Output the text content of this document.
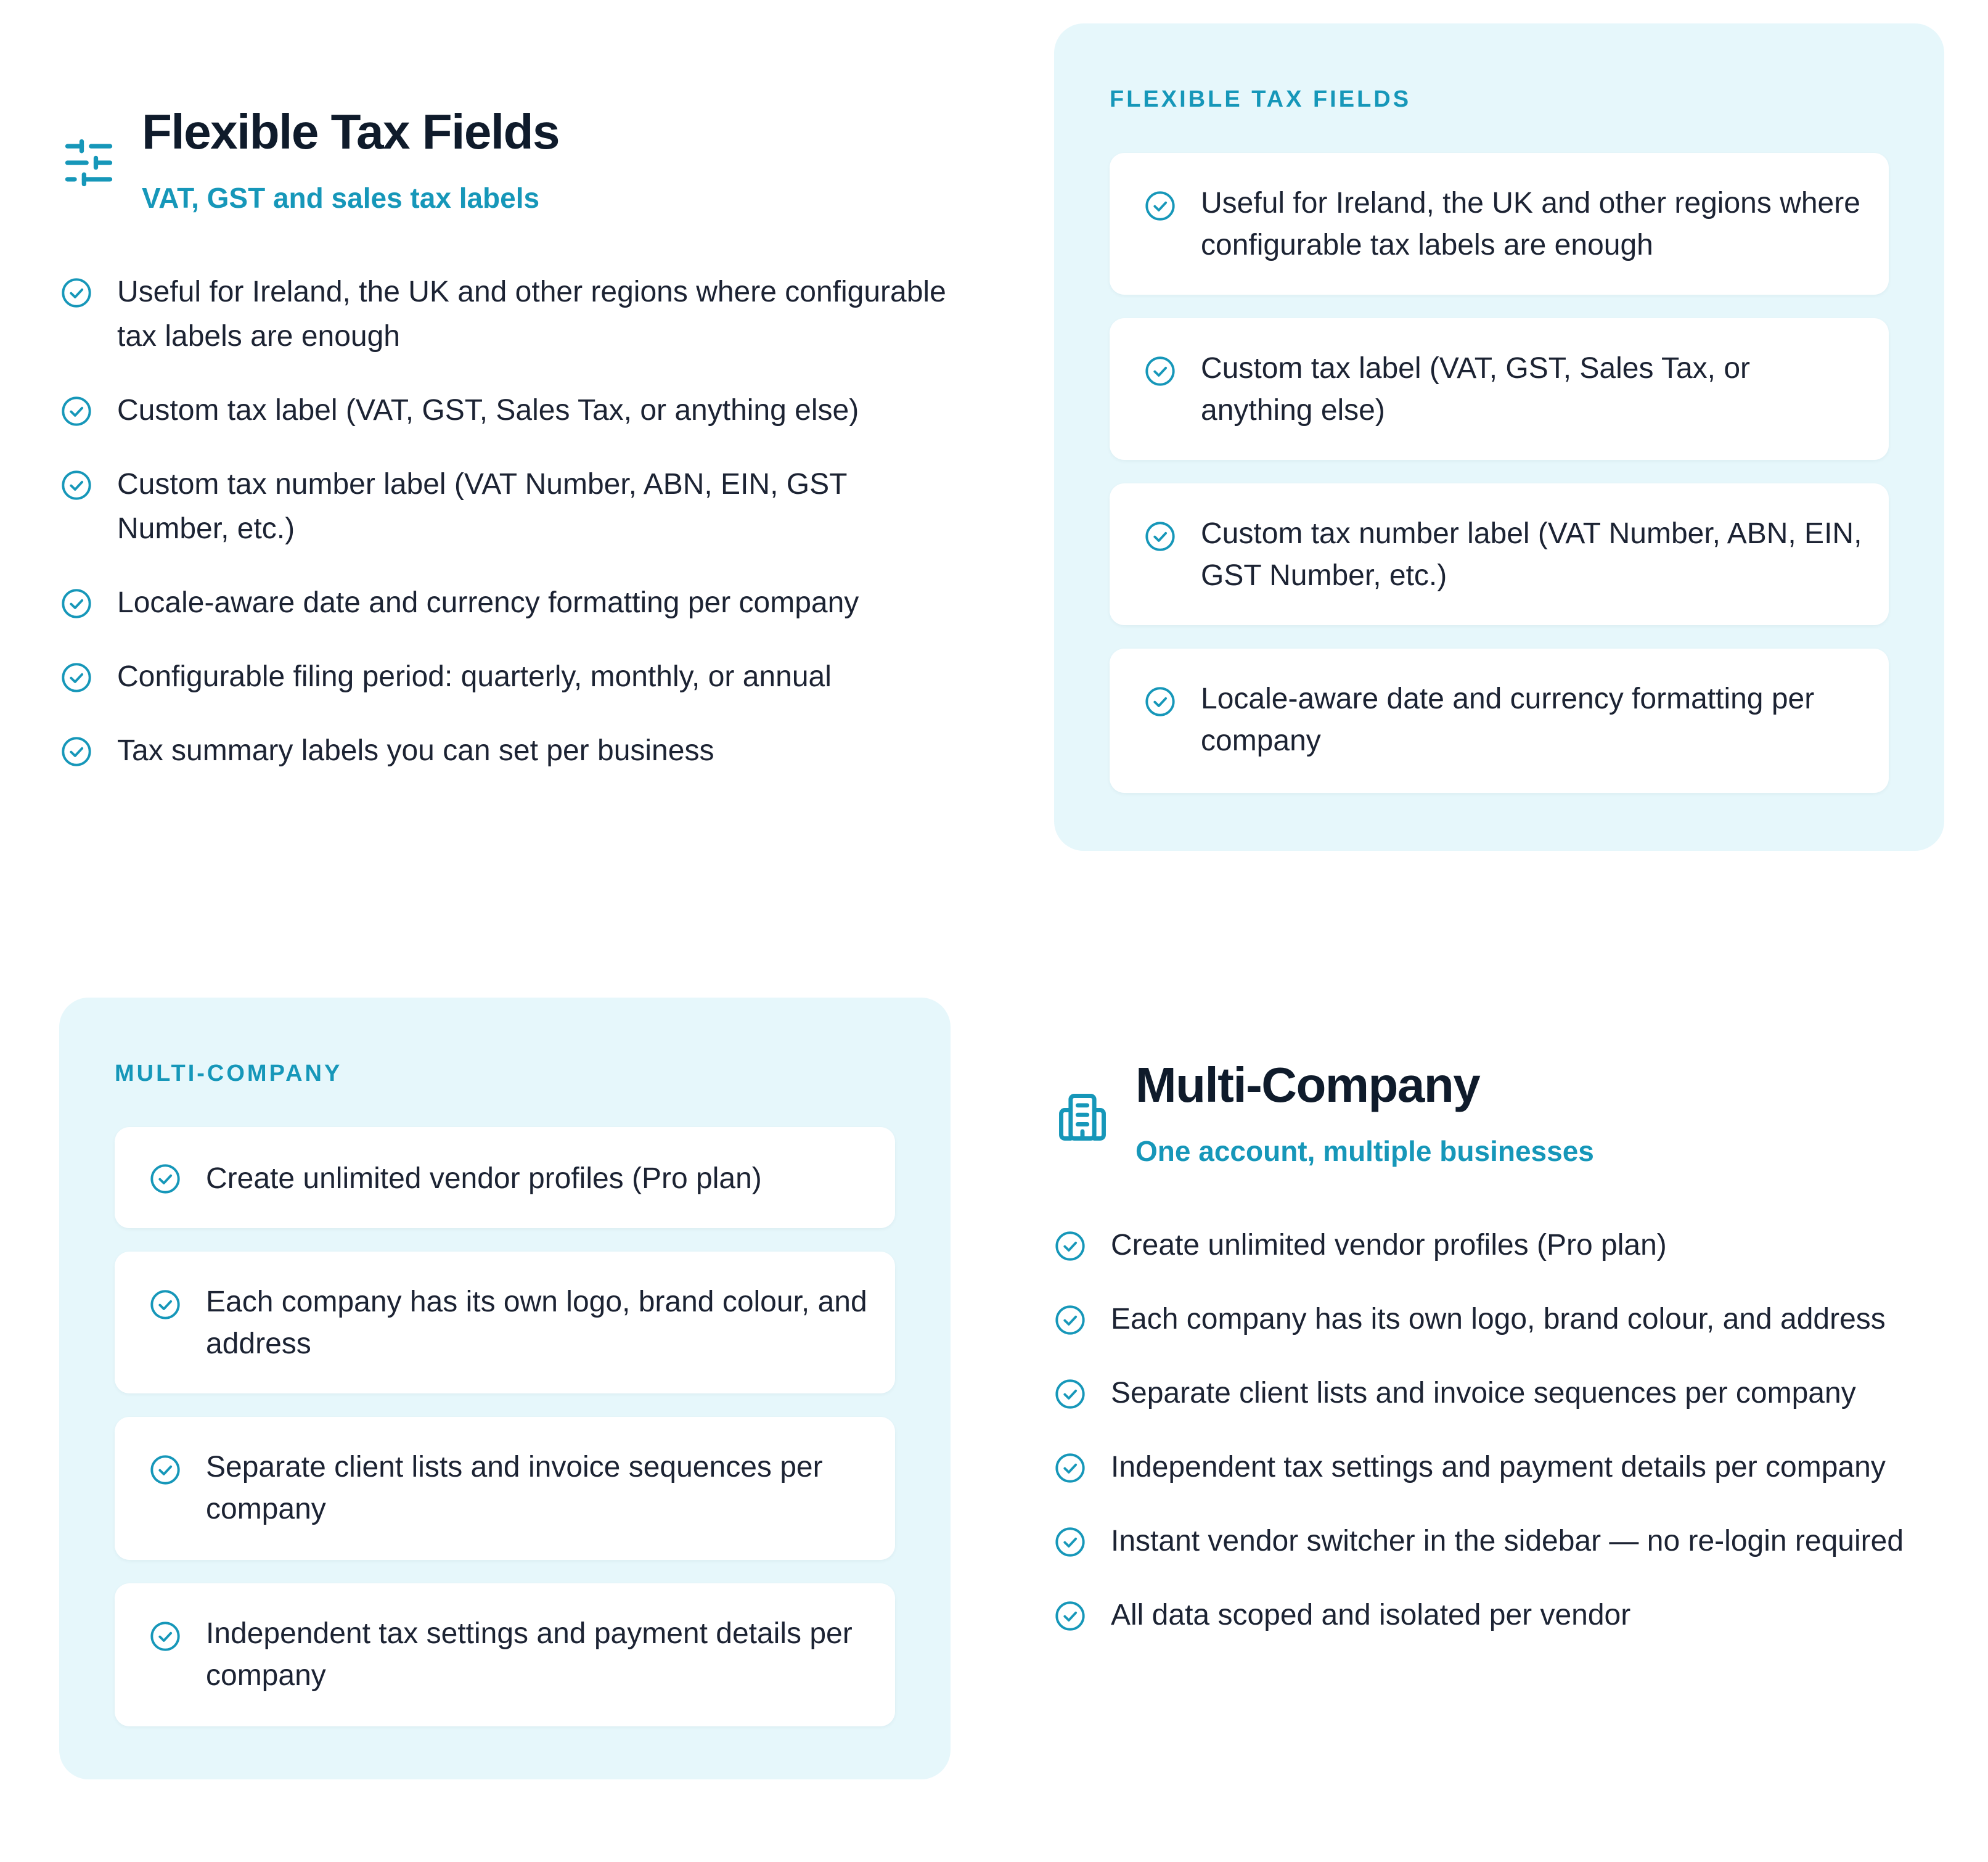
Flexible Tax Fields
VAT, GST and sales tax labels
Useful for Ireland, the UK and other regions where configurable tax labels are enough
Custom tax label (VAT, GST, Sales Tax, or anything else)
Custom tax number label (VAT Number, ABN, EIN, GST Number, etc.)
Locale-aware date and currency formatting per company
Configurable filing period: quarterly, monthly, or annual
Tax summary labels you can set per business
FLEXIBLE TAX FIELDS
Useful for Ireland, the UK and other regions where configurable tax labels are enough
Custom tax label (VAT, GST, Sales Tax, or anything else)
Custom tax number label (VAT Number, ABN, EIN, GST Number, etc.)
Locale-aware date and currency formatting per company
MULTI-COMPANY
Create unlimited vendor profiles (Pro plan)
Each company has its own logo, brand colour, and address
Separate client lists and invoice sequences per company
Independent tax settings and payment details per company
Multi-Company
One account, multiple businesses
Create unlimited vendor profiles (Pro plan)
Each company has its own logo, brand colour, and address
Separate client lists and invoice sequences per company
Independent tax settings and payment details per company
Instant vendor switcher in the sidebar — no re-login required
All data scoped and isolated per vendor
